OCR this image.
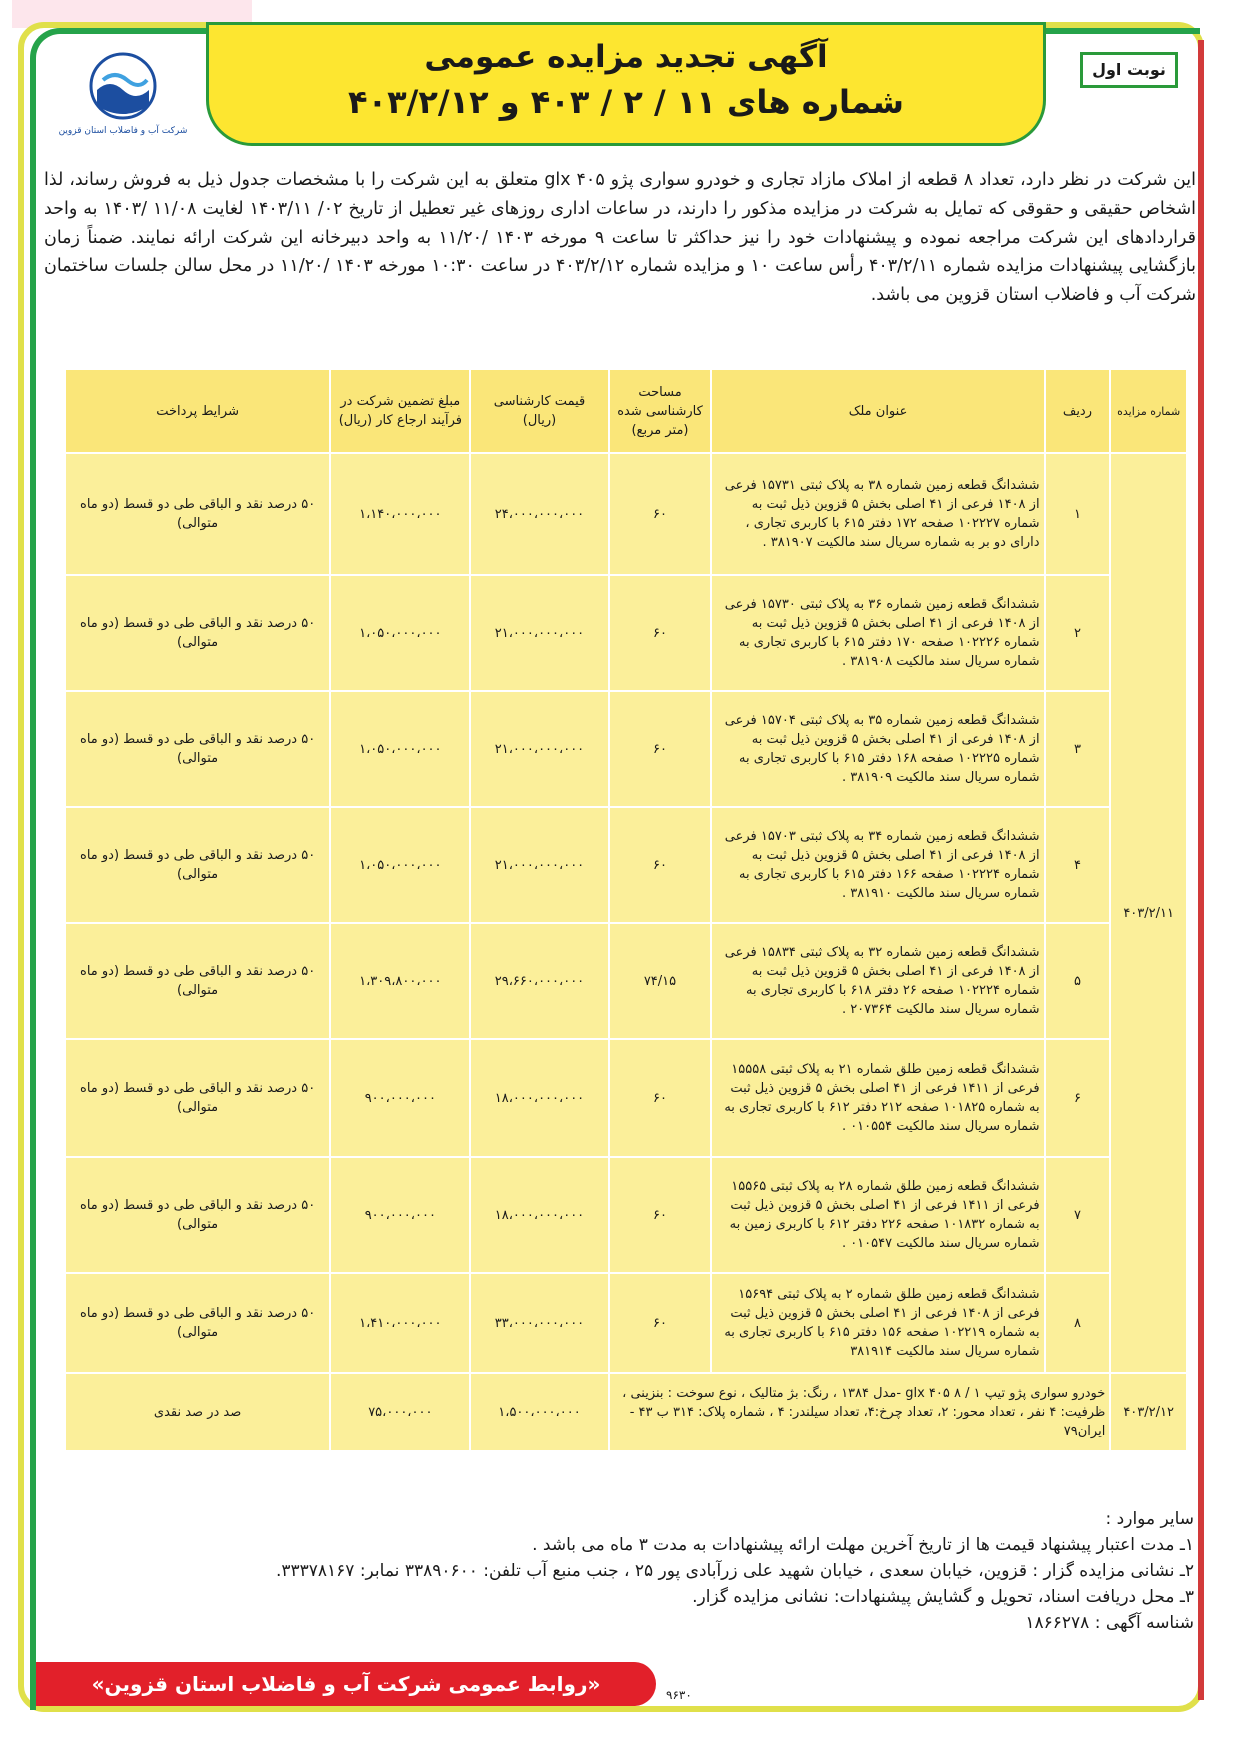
شرکت آب و فاضلاب استان قزوین
آگهی تجدید مزایده عمومی
شماره های ۱۱ / ۲ / ۴۰۳ و ۴۰۳/۲/۱۲
نوبت اول
این شرکت در نظر دارد، تعداد ۸ قطعه از املاک مازاد تجاری و خودرو سواری پژو glx ۴۰۵ متعلق به این شرکت را با مشخصات جدول ذیل به فروش رساند، لذا اشخاص حقیقی و حقوقی که تمایل به شرکت در مزایده مذکور را دارند، در ساعات اداری روزهای غیر تعطیل از تاریخ ۰۲/ ۱۴۰۳/۱۱ لغایت ۱۱/۰۸ /۱۴۰۳ به واحد قراردادهای این شرکت مراجعه نموده و پیشنهادات خود را نیز حداکثر تا ساعت ۹ مورخه ۱۴۰۳ /۱۱/۲۰ به واحد دبیرخانه این شرکت ارائه نمایند. ضمناً زمان بازگشایی پیشنهادات مزایده شماره ۴۰۳/۲/۱۱ رأس ساعت ۱۰ و مزایده شماره ۴۰۳/۲/۱۲ در ساعت ۱۰:۳۰ مورخه ۱۴۰۳ /۱۱/۲۰ در محل سالن جلسات ساختمان شرکت آب و فاضلاب استان قزوین می باشد.
شماره مزایده	ردیف	عنوان ملک	مساحت کارشناسی شده (متر مربع)	قیمت کارشناسی (ریال)	مبلغ تضمین شرکت در فرآیند ارجاع کار (ریال)	شرایط پرداخت
۴۰۳/۲/۱۱	۱	ششدانگ قطعه زمین شماره ۳۸ به پلاک ثبتی ۱۵۷۳۱ فرعی از ۱۴۰۸ فرعی از ۴۱ اصلی بخش ۵ قزوین ذیل ثبت به شماره ۱۰۲۲۲۷ صفحه ۱۷۲ دفتر ۶۱۵ با کاربری تجاری ، دارای دو بر به شماره سریال سند مالکیت ۳۸۱۹۰۷ .	۶۰	۲۴،۰۰۰،۰۰۰،۰۰۰	۱،۱۴۰،۰۰۰،۰۰۰	۵۰ درصد نقد و الباقی طی دو قسط (دو ماه متوالی)
	۲	ششدانگ قطعه زمین شماره ۳۶ به پلاک ثبتی ۱۵۷۳۰ فرعی از ۱۴۰۸ فرعی از ۴۱ اصلی بخش ۵ قزوین ذیل ثبت به شماره ۱۰۲۲۲۶ صفحه ۱۷۰ دفتر ۶۱۵ با کاربری تجاری به شماره سریال سند مالکیت ۳۸۱۹۰۸ .	۶۰	۲۱،۰۰۰،۰۰۰،۰۰۰	۱،۰۵۰،۰۰۰،۰۰۰	۵۰ درصد نقد و الباقی طی دو قسط (دو ماه متوالی)
	۳	ششدانگ قطعه زمین شماره ۳۵ به پلاک ثبتی ۱۵۷۰۴ فرعی از ۱۴۰۸ فرعی از ۴۱ اصلی بخش ۵ قزوین ذیل ثبت به شماره ۱۰۲۲۲۵ صفحه ۱۶۸ دفتر ۶۱۵ با کاربری تجاری به شماره سریال سند مالکیت ۳۸۱۹۰۹ .	۶۰	۲۱،۰۰۰،۰۰۰،۰۰۰	۱،۰۵۰،۰۰۰،۰۰۰	۵۰ درصد نقد و الباقی طی دو قسط (دو ماه متوالی)
	۴	ششدانگ قطعه زمین شماره ۳۴ به پلاک ثبتی ۱۵۷۰۳ فرعی از ۱۴۰۸ فرعی از ۴۱ اصلی بخش ۵ قزوین ذیل ثبت به شماره ۱۰۲۲۲۴ صفحه ۱۶۶ دفتر ۶۱۵ با کاربری تجاری به شماره سریال سند مالکیت ۳۸۱۹۱۰ .	۶۰	۲۱،۰۰۰،۰۰۰،۰۰۰	۱،۰۵۰،۰۰۰،۰۰۰	۵۰ درصد نقد و الباقی طی دو قسط (دو ماه متوالی)
	۵	ششدانگ قطعه زمین شماره ۳۲ به پلاک ثبتی ۱۵۸۳۴ فرعی از ۱۴۰۸ فرعی از ۴۱ اصلی بخش ۵ قزوین ذیل ثبت به شماره ۱۰۲۲۲۴ صفحه ۲۶ دفتر ۶۱۸ با کاربری تجاری به شماره سریال سند مالکیت ۲۰۷۳۶۴ .	۷۴/۱۵	۲۹،۶۶۰،۰۰۰،۰۰۰	۱،۳۰۹،۸۰۰،۰۰۰	۵۰ درصد نقد و الباقی طی دو قسط (دو ماه متوالی)
	۶	ششدانگ قطعه زمین طلق شماره ۲۱ به پلاک ثبتی ۱۵۵۵۸ فرعی از ۱۴۱۱ فرعی از ۴۱ اصلی بخش ۵ قزوین ذیل ثبت به شماره ۱۰۱۸۲۵ صفحه ۲۱۲ دفتر ۶۱۲ با کاربری تجاری به شماره سریال سند مالکیت ۰۱۰۵۵۴ .	۶۰	۱۸،۰۰۰،۰۰۰،۰۰۰	۹۰۰،۰۰۰،۰۰۰	۵۰ درصد نقد و الباقی طی دو قسط (دو ماه متوالی)
	۷	ششدانگ قطعه زمین طلق شماره ۲۸ به پلاک ثبتی ۱۵۵۶۵ فرعی از ۱۴۱۱ فرعی از ۴۱ اصلی بخش ۵ قزوین ذیل ثبت به شماره ۱۰۱۸۳۲ صفحه ۲۲۶ دفتر ۶۱۲ با کاربری زمین به شماره سریال سند مالکیت ۰۱۰۵۴۷ .	۶۰	۱۸،۰۰۰،۰۰۰،۰۰۰	۹۰۰،۰۰۰،۰۰۰	۵۰ درصد نقد و الباقی طی دو قسط (دو ماه متوالی)
	۸	ششدانگ قطعه زمین طلق شماره ۲ به پلاک ثبتی ۱۵۶۹۴ فرعی از ۱۴۰۸ فرعی از ۴۱ اصلی بخش ۵ قزوین ذیل ثبت به شماره ۱۰۲۲۱۹ صفحه ۱۵۶ دفتر ۶۱۵ با کاربری تجاری به شماره سریال سند مالکیت ۳۸۱۹۱۴	۶۰	۳۳،۰۰۰،۰۰۰،۰۰۰	۱،۴۱۰،۰۰۰،۰۰۰	۵۰ درصد نقد و الباقی طی دو قسط (دو ماه متوالی)
۴۰۳/۲/۱۲	خودرو سواری پژو تیپ ۱ / ۸ glx ۴۰۵ -مدل ۱۳۸۴ ، رنگ: بژ متالیک ، نوع سوخت : بنزینی ، ظرفیت: ۴ نفر ، تعداد محور: ۲، تعداد چرخ:۴، تعداد سیلندر: ۴ ، شماره پلاک: ۳۱۴ ب ۴۳ - ایران۷۹			۱،۵۰۰،۰۰۰،۰۰۰	۷۵،۰۰۰،۰۰۰	صد در صد نقدی
سایر موارد :
۱ـ مدت اعتبار پیشنهاد قیمت ها از تاریخ آخرین مهلت ارائه پیشنهادات به مدت ۳ ماه می باشد .
۲ـ نشانی مزایده گزار : قزوین، خیابان سعدی ، خیابان شهید علی زرآبادی پور ۲۵ ، جنب منبع آب تلفن: ۳۳۸۹۰۶۰۰ نمابر: ۳۳۳۷۸۱۶۷.
۳ـ محل دریافت اسناد، تحویل و گشایش پیشنهادات: نشانی مزایده گزار.
شناسه آگهی : ۱۸۶۶۲۷۸
«روابط عمومی شرکت آب و فاضلاب استان قزوین»	۹۶۳۰
